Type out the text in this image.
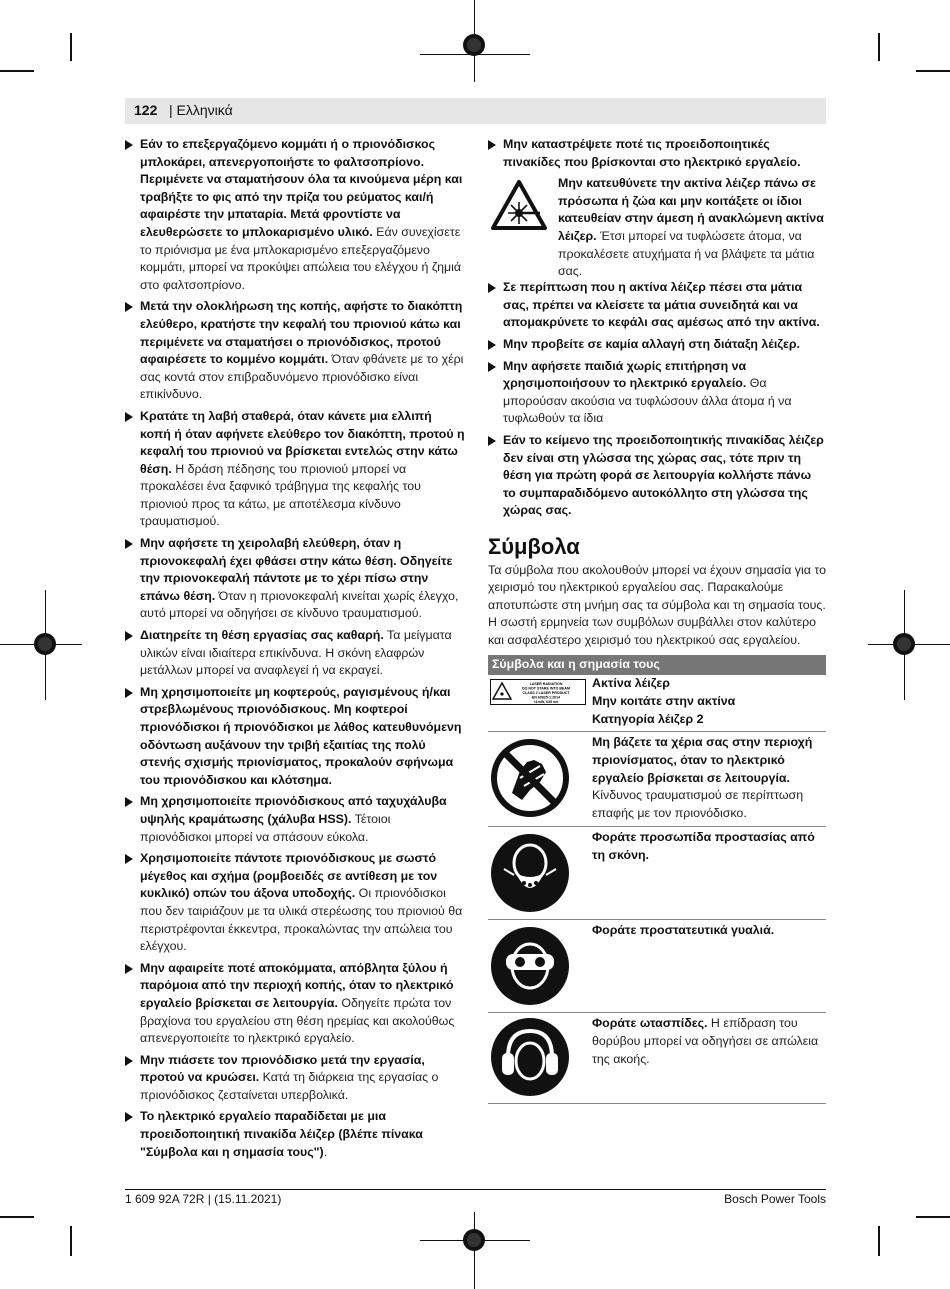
122 | Ελληνικά
Εάν το επεξεργαζόμενο κομμάτι ή ο πριονόδισκος μπλοκάρει, απενεργοποιήστε το φαλτσοπρίονο. Περιμένετε να σταματήσουν όλα τα κινούμενα μέρη και τραβήξτε το φις από την πρίζα του ρεύματος και/ή αφαιρέστε την μπαταρία. Μετά φροντίστε να ελευθερώσετε το μπλοκαρισμένο υλικό. Εάν συνεχίσετε το πριόνισμα με ένα μπλοκαρισμένο επεξεργαζόμενο κομμάτι, μπορεί να προκύψει απώλεια του ελέγχου ή ζημιά στο φαλτσοπρίονο.
Μετά την ολοκλήρωση της κοπής, αφήστε το διακόπτη ελεύθερο, κρατήστε την κεφαλή του πριονιού κάτω και περιμένετε να σταματήσει ο πριονόδισκος, προτού αφαιρέσετε το κομμένο κομμάτι. Όταν φθάνετε με το χέρι σας κοντά στον επιβραδυνόμενο πριονόδισκο είναι επικίνδυνο.
Κρατάτε τη λαβή σταθερά, όταν κάνετε μια ελλιπή κοπή ή όταν αφήνετε ελεύθερο τον διακόπτη, προτού η κεφαλή του πριονιού να βρίσκεται εντελώς στην κάτω θέση. Η δράση πέδησης του πριονιού μπορεί να προκαλέσει ένα ξαφνικό τράβηγμα της κεφαλής του πριονιού προς τα κάτω, με αποτέλεσμα κίνδυνο τραυματισμού.
Μην αφήσετε τη χειρολαβή ελεύθερη, όταν η πριονοκεφαλή έχει φθάσει στην κάτω θέση. Οδηγείτε την πριονοκεφαλή πάντοτε με το χέρι πίσω στην επάνω θέση. Όταν η πριονοκεφαλή κινείται χωρίς έλεγχο, αυτό μπορεί να οδηγήσει σε κίνδυνο τραυματισμού.
Διατηρείτε τη θέση εργασίας σας καθαρή. Τα μείγματα υλικών είναι ιδιαίτερα επικίνδυνα. Η σκόνη ελαφρών μετάλλων μπορεί να αναφλεγεί ή να εκραγεί.
Μη χρησιμοποιείτε μη κοφτερούς, ραγισμένους ή/και στρεβλωμένους πριονόδισκους. Μη κοφτεροί πριονόδισκοι ή πριονόδισκοι με λάθος κατευθυνόμενη οδόντωση αυξάνουν την τριβή εξαιτίας της πολύ στενής σχισμής πριονίσματος, προκαλούν σφήνωμα του πριονόδισκου και κλότσημα.
Μη χρησιμοποιείτε πριονόδισκους από ταχυχάλυβα υψηλής κραμάτωσης (χάλυβα HSS). Τέτοιοι πριονόδισκοι μπορεί να σπάσουν εύκολα.
Χρησιμοποιείτε πάντοτε πριονόδισκους με σωστό μέγεθος και σχήμα (ρομβοειδές σε αντίθεση με τον κυκλικό) οπών του άξονα υποδοχής. Οι πριονόδισκοι που δεν ταιριάζουν με τα υλικά στερέωσης του πριονιού θα περιστρέφονται έκκεντρα, προκαλώντας την απώλεια του ελέγχου.
Μην αφαιρείτε ποτέ αποκόμματα, απόβλητα ξύλου ή παρόμοια από την περιοχή κοπής, όταν το ηλεκτρικό εργαλείο βρίσκεται σε λειτουργία. Οδηγείτε πρώτα τον βραχίονα του εργαλείου στη θέση ηρεμίας και ακολούθως απενεργοποιείτε το ηλεκτρικό εργαλείο.
Μην πιάσετε τον πριονόδισκο μετά την εργασία, προτού να κρυώσει. Κατά τη διάρκεια της εργασίας ο πριονόδισκος ζεσταίνεται υπερβολικά.
Το ηλεκτρικό εργαλείο παραδίδεται με μια προειδοποιητική πινακίδα λέιζερ (βλέπε πίνακα "Σύμβολα και η σημασία τους").
Μην καταστρέψετε ποτέ τις προειδοποιητικές πινακίδες που βρίσκονται στο ηλεκτρικό εργαλείο.
Μην κατευθύνετε την ακτίνα λέιζερ πάνω σε πρόσωπα ή ζώα και μην κοιτάξετε οι ίδιοι κατευθείαν στην άμεση ή ανακλώμενη ακτίνα λέιζερ. Έτσι μπορεί να τυφλώσετε άτομα, να προκαλέσετε ατυχήματα ή να βλάψετε τα μάτια σας.
Σε περίπτωση που η ακτίνα λέιζερ πέσει στα μάτια σας, πρέπει να κλείσετε τα μάτια συνειδητά και να απομακρύνετε το κεφάλι σας αμέσως από την ακτίνα.
Μην προβείτε σε καμία αλλαγή στη διάταξη λέιζερ.
Μην αφήσετε παιδιά χωρίς επιτήρηση να χρησιμοποιήσουν το ηλεκτρικό εργαλείο. Θα μπορούσαν ακούσια να τυφλώσουν άλλα άτομα ή να τυφλωθούν τα ίδια
Εάν το κείμενο της προειδοποιητικής πινακίδας λέιζερ δεν είναι στη γλώσσα της χώρας σας, τότε πριν τη θέση για πρώτη φορά σε λειτουργία κολλήστε πάνω το συμπαραδιδόμενο αυτοκόλλητο στη γλώσσα της χώρας σας.
Σύμβολα
Τα σύμβολα που ακολουθούν μπορεί να έχουν σημασία για το χειρισμό του ηλεκτρικού εργαλείου σας. Παρακαλούμε αποτυπώστε στη μνήμη σας τα σύμβολα και τη σημασία τους. Η σωστή ερμηνεία των συμβόλων συμβάλλει στον καλύτερο και ασφαλέστερο χειρισμό του ηλεκτρικού σας εργαλείου.
Σύμβολα και η σημασία τους
LASER RADIATION
DO NOT STARE INTO BEAM
CLASS 2 LASER PRODUCT
EN 60825-1:2014
<1mW, 635 nm
Ακτίνα λέιζερ
Μην κοιτάτε στην ακτίνα
Κατηγορία λέιζερ 2
Μη βάζετε τα χέρια σας στην περιοχή πριονίσματος, όταν το ηλεκτρικό εργαλείο βρίσκεται σε λειτουργία. Κίνδυνος τραυματισμού σε περίπτωση επαφής με τον πριονόδισκο.
Φοράτε προσωπίδα προστασίας από τη σκόνη.
Φοράτε προστατευτικά γυαλιά.
Φοράτε ωτασπίδες. Η επίδραση του θορύβου μπορεί να οδηγήσει σε απώλεια της ακοής.
1 609 92A 72R | (15.11.2021)	Bosch Power Tools
